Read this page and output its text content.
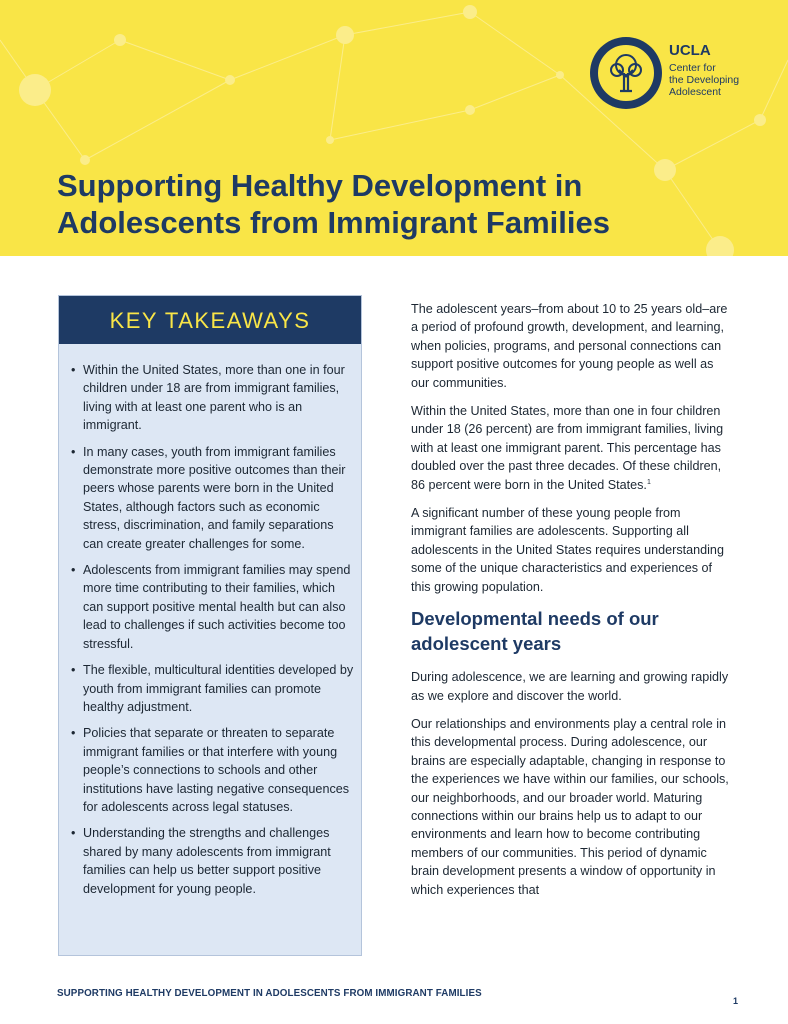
UCLA
Center for
the Developing
Adolescent
Supporting Healthy Development in
Adolescents from Immigrant Families
KEY TAKEAWAYS
• Within the United States, more than one in four children under 18 are from immigrant families, living with at least one parent who is an immigrant.
• In many cases, youth from immigrant families demonstrate more positive outcomes than their peers whose parents were born in the United States, although factors such as economic stress, discrimination, and family separations can create greater challenges for some.
• Adolescents from immigrant families may spend more time contributing to their families, which can support positive mental health but can also lead to challenges if such activities become too stressful.
• The flexible, multicultural identities developed by youth from immigrant families can promote healthy adjustment.
• Policies that separate or threaten to separate immigrant families or that interfere with young people’s connections to schools and other institutions have lasting negative consequences for adolescents across legal statuses.
• Understanding the strengths and challenges shared by many adolescents from immigrant families can help us better support positive development for young people.

The adolescent years–from about 10 to 25 years old–are a period of profound growth, development, and learning, when policies, programs, and personal connections can support positive outcomes for young people as well as our communities.

Within the United States, more than one in four children under 18 (26 percent) are from immigrant families, living with at least one immigrant parent. This percentage has doubled over the past three decades. Of these children, 86 percent were born in the United States.$^1$

A significant number of these young people from immigrant families are adolescents. Supporting all adolescents in the United States requires understanding some of the unique characteristics and experiences of this growing population.

Developmental needs of our adolescent years

During adolescence, we are learning and growing rapidly as we explore and discover the world.

Our relationships and environments play a central role in this developmental process. During adolescence, our brains are especially adaptable, changing in response to the experiences we have within our families, our schools, our neighborhoods, and our broader world. Maturing connections within our brains help us to adapt to our environments and learn how to become contributing members of our communities. This period of dynamic brain development presents a window of opportunity in which experiences that

SUPPORTING HEALTHY DEVELOPMENT IN ADOLESCENTS FROM IMMIGRANT FAMILIES
1
